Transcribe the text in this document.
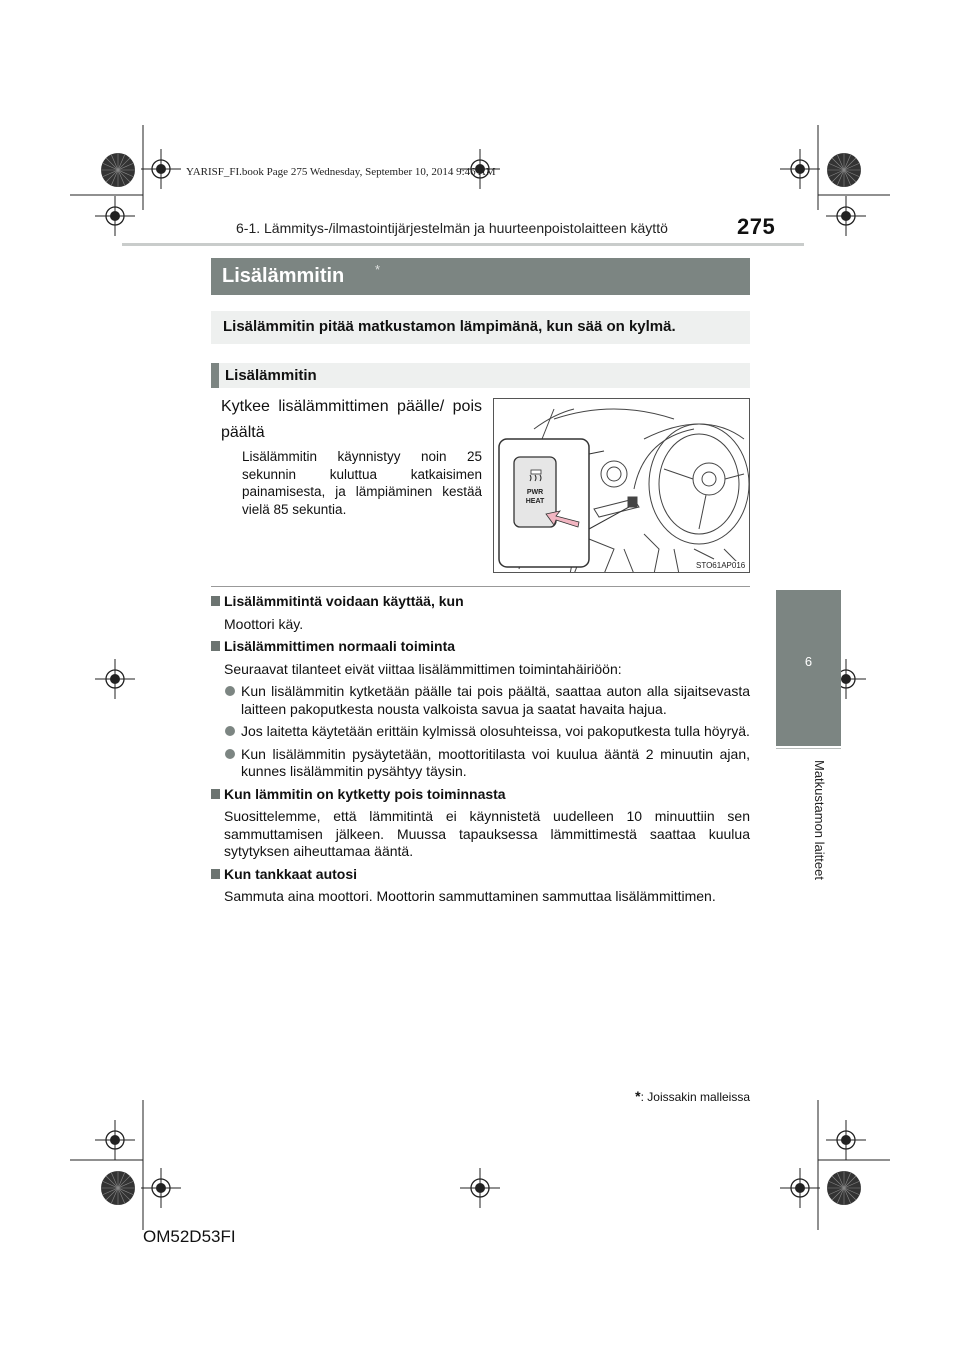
YARISF_FI.book Page 275 Wednesday, September 10, 2014 9:46 AM
6-1. Lämmitys-/ilmastointijärjestelmän ja huurteenpoistolaitteen käyttö	275
6
Matkustamon laitteet
Lisälämmitin *
Lisälämmitin pitää matkustamon lämpimänä, kun sää on kylmä.
Lisälämmitin
Kytkee lisälämmittimen päälle/ pois päältä
Lisälämmitin käynnistyy noin 25 sekunnin kuluttua katkaisimen painamisesta, ja lämpiäminen kestää vielä 85 sekuntia.
PWR
HEAT
STO61AP016

Lisälämmitintä voidaan käyttää, kun

Moottori käy.

Lisälämmittimen normaali toiminta

Seuraavat tilanteet eivät viittaa lisälämmittimen toimintahäiriöön:

Kun lisälämmitin kytketään päälle tai pois päältä, saattaa auton alla sijaitsevasta laitteen pakoputkesta nousta valkoista savua ja saatat havaita hajua.

Jos laitetta käytetään erittäin kylmissä olosuhteissa, voi pakoputkesta tulla höyryä.

Kun lisälämmitin pysäytetään, moottoritilasta voi kuulua ääntä 2 minuutin ajan, kunnes lisälämmitin pysähtyy täysin.

Kun lämmitin on kytketty pois toiminnasta

Suosittelemme, että lämmitintä ei käynnistetä uudelleen 10 minuuttiin sen sammuttamisen jälkeen. Muussa tapauksessa lämmittimestä saattaa kuulua sytytyksen aiheuttamaa ääntä.

Kun tankkaat autosi

Sammuta aina moottori. Moottorin sammuttaminen sammuttaa lisälämmittimen.

*: Joissakin malleissa
OM52D53FI
